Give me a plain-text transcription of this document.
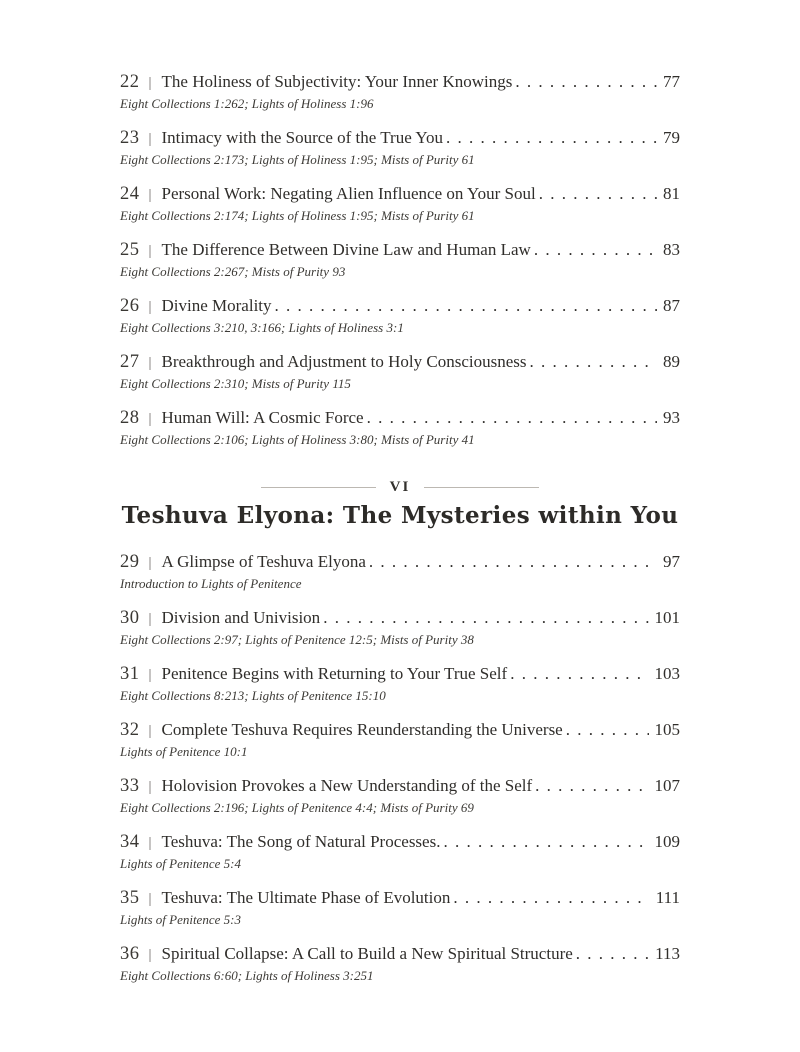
22 | The Holiness of Subjectivity: Your Inner Knowings . . .	77
Eight Collections 1:262; Lights of Holiness 1:96
23 | Intimacy with the Source of the True You . . .	79
Eight Collections 2:173; Lights of Holiness 1:95; Mists of Purity 61
24 | Personal Work: Negating Alien Influence on Your Soul . . .	81
Eight Collections 2:174; Lights of Holiness 1:95; Mists of Purity 61
25 | The Difference Between Divine Law and Human Law . . .	83
Eight Collections 2:267; Mists of Purity 93
26 | Divine Morality . . .	87
Eight Collections 3:210, 3:166; Lights of Holiness 3:1
27 | Breakthrough and Adjustment to Holy Consciousness . . .	89
Eight Collections 2:310; Mists of Purity 115
28 | Human Will: A Cosmic Force . . .	93
Eight Collections 2:106; Lights of Holiness 3:80; Mists of Purity 41
VI
Teshuva Elyona: The Mysteries within You
29 | A Glimpse of Teshuva Elyona . . .	97
Introduction to Lights of Penitence
30 | Division and Univision . . .	101
Eight Collections 2:97; Lights of Penitence 12:5; Mists of Purity 38
31 | Penitence Begins with Returning to Your True Self . . .	103
Eight Collections 8:213; Lights of Penitence 15:10
32 | Complete Teshuva Requires Reunderstanding the Universe . . .	105
Lights of Penitence 10:1
33 | Holovision Provokes a New Understanding of the Self . . .	107
Eight Collections 2:196; Lights of Penitence 4:4; Mists of Purity 69
34 | Teshuva: The Song of Natural Processes. . . .	109
Lights of Penitence 5:4
35 | Teshuva: The Ultimate Phase of Evolution . . .	111
Lights of Penitence 5:3
36 | Spiritual Collapse: A Call to Build a New Spiritual Structure . . .	113
Eight Collections 6:60; Lights of Holiness 3:251
